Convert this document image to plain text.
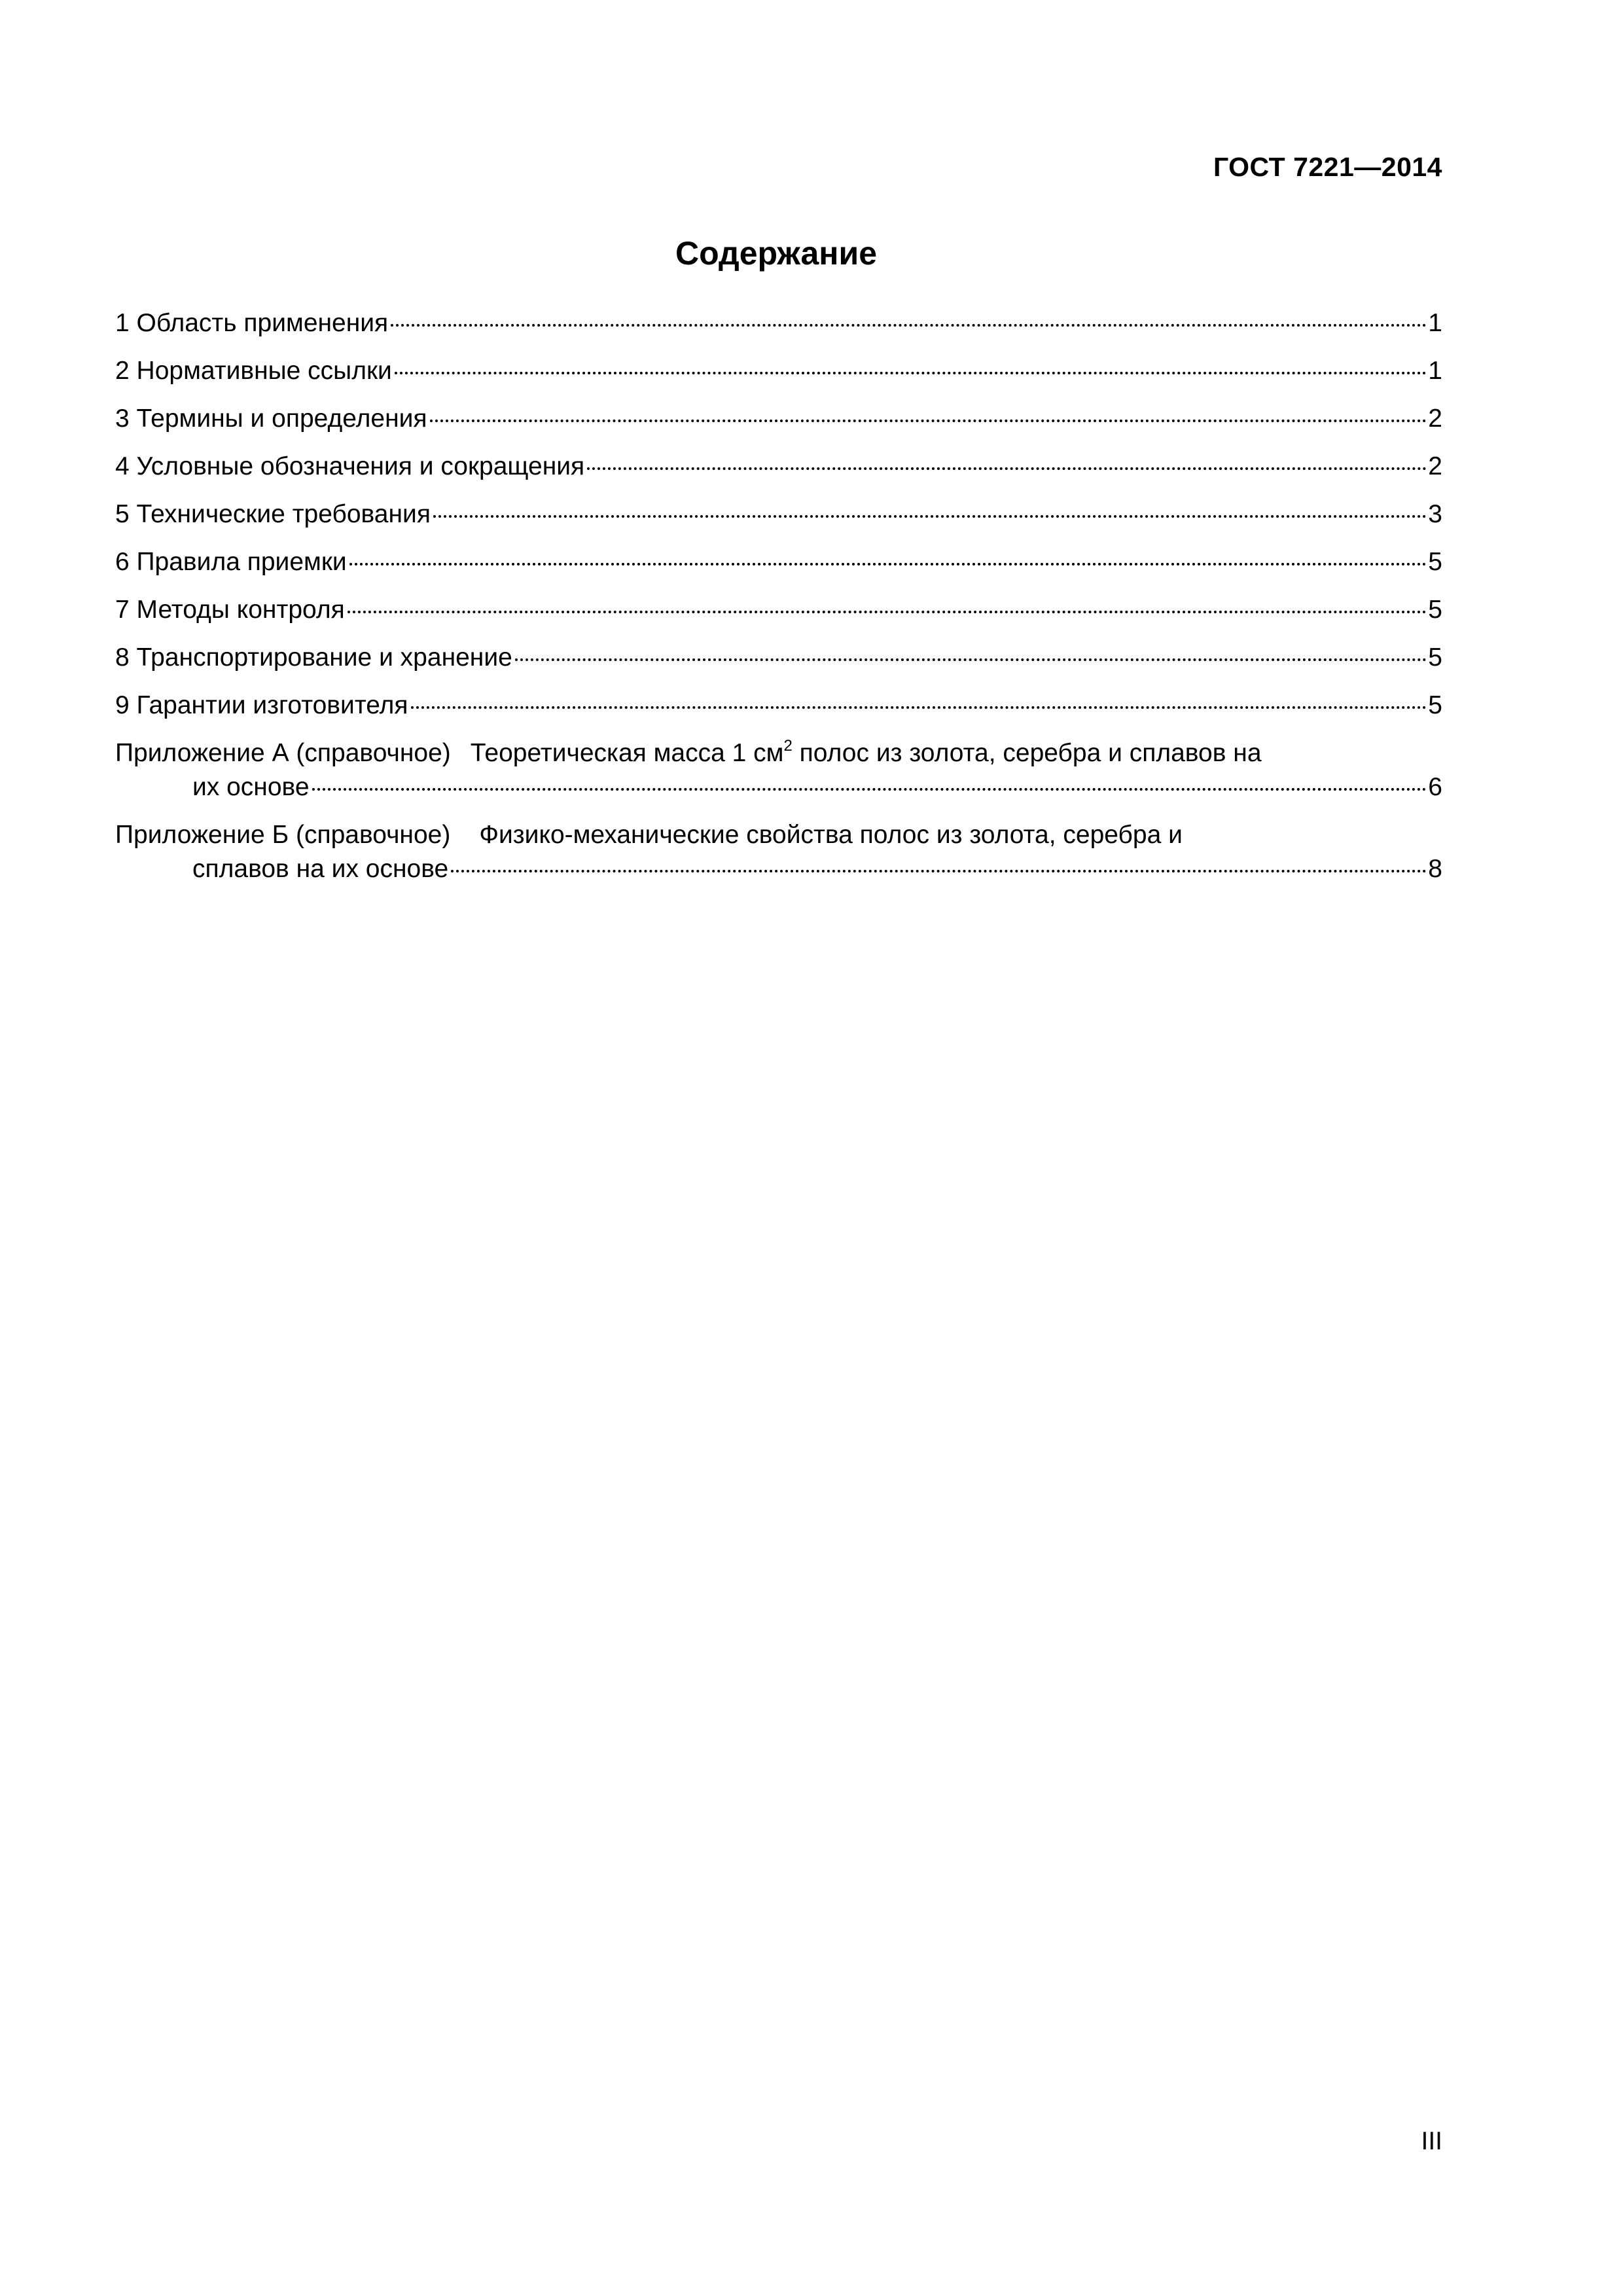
ГОСТ 7221—2014
Содержание
1 Область применения	1
2 Нормативные ссылки	1
3 Термины и определения	2
4 Условные обозначения и сокращения	2
5 Технические требования	3
6 Правила приемки	5
7 Методы контроля	5
8 Транспортирование и хранение	5
9 Гарантии изготовителя	5
Приложение А (справочное) Теоретическая масса 1 $см^2$ полос из золота, серебра и сплавов на
их основе	6
Приложение Б (справочное) Физико-механические свойства полос из золота, серебра и
сплавов на их основе	8
III
